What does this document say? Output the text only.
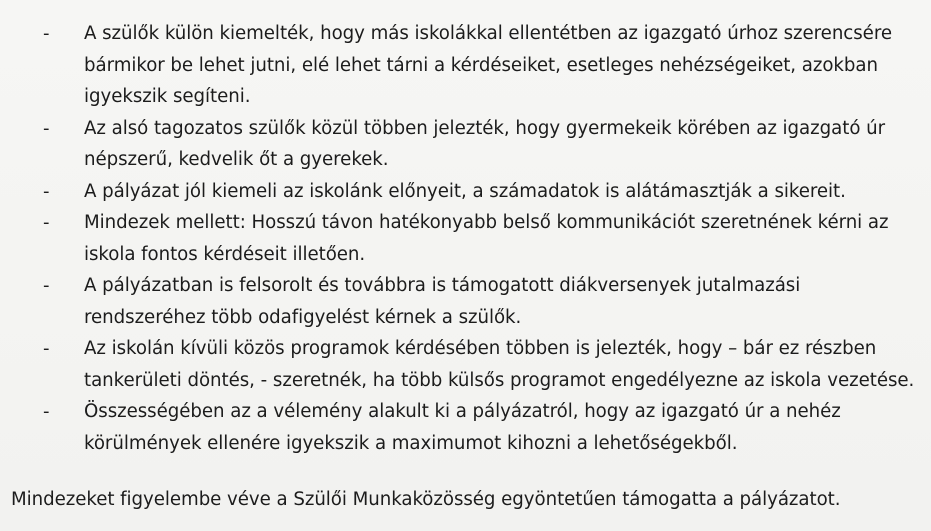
- A szülők külön kiemelték, hogy más iskolákkal ellentétben az igazgató úrhoz szerencsére bármikor be lehet jutni, elé lehet tárni a kérdéseiket, esetleges nehézségeiket, azokban igyekszik segíteni.
- Az alsó tagozatos szülők közül többen jelezték, hogy gyermekeik körében az igazgató úr népszerű, kedvelik őt a gyerekek.
- A pályázat jól kiemeli az iskolánk előnyeit, a számadatok is alátámasztják a sikereit.
- Mindezek mellett: Hosszú távon hatékonyabb belső kommunikációt szeretnének kérni az iskola fontos kérdéseit illetően.
- A pályázatban is felsorolt és továbbra is támogatott diákversenyek jutalmazási rendszeréhez több odafigyelést kérnek a szülők.
- Az iskolán kívüli közös programok kérdésében többen is jelezték, hogy – bár ez részben tankerületi döntés, - szeretnék, ha több külsős programot engedélyezne az iskola vezetése.
- Összességében az a vélemény alakult ki a pályázatról, hogy az igazgató úr a nehéz körülmények ellenére igyekszik a maximumot kihozni a lehetőségekből.

Mindezeket figyelembe véve a Szülői Munkaközösség egyöntetűen támogatta a pályázatot.
